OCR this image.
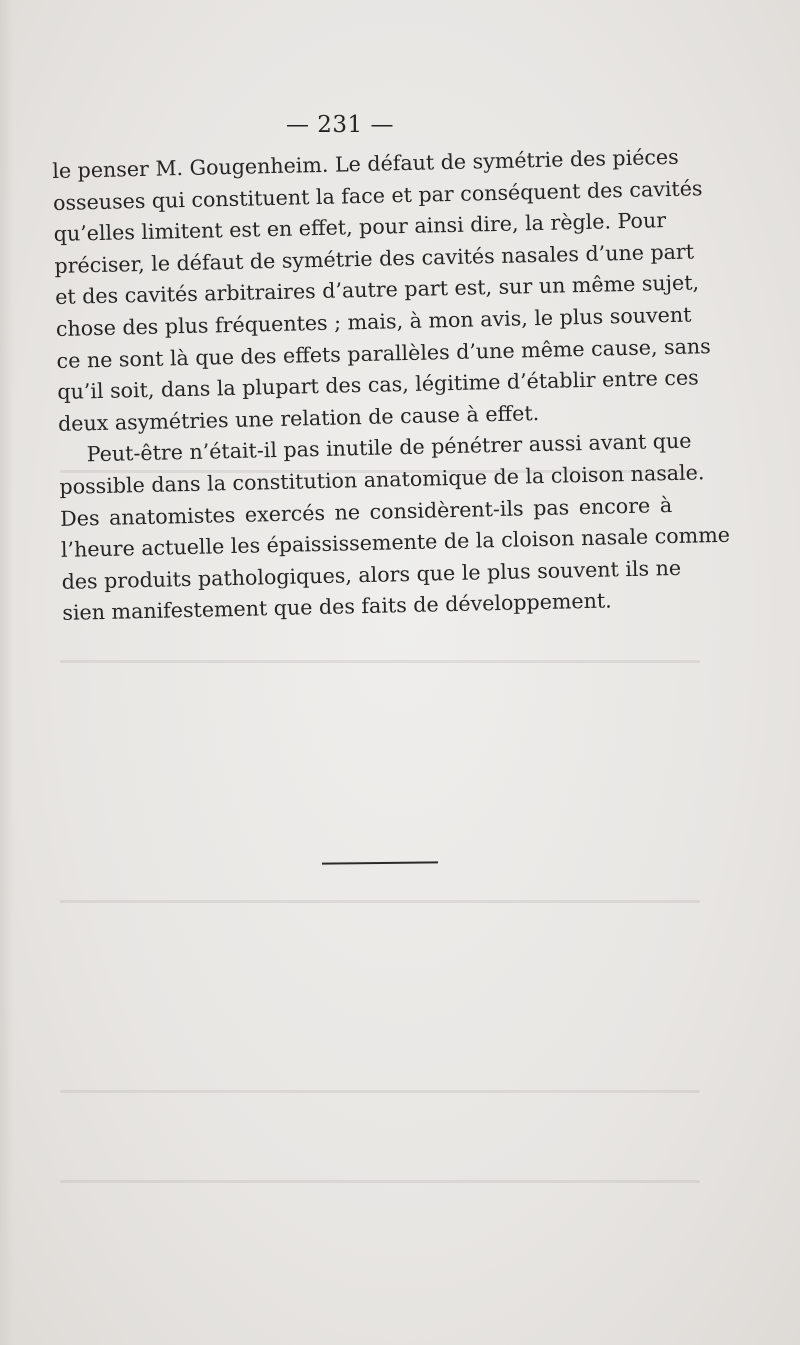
— 231 —
le penser M. Gougenheim. Le défaut de symétrie des piéces
osseuses qui constituent la face et par conséquent des cavités
qu’elles limitent est en effet, pour ainsi dire, la règle. Pour
préciser, le défaut de symétrie des cavités nasales d’une part
et des cavités arbitraires d’autre part est, sur un même sujet,
chose des plus fréquentes ; mais, à mon avis, le plus souvent
ce ne sont là que des effets parallèles d’une même cause, sans
qu’il soit, dans la plupart des cas, légitime d’établir entre ces
deux asymétries une relation de cause à effet.
Peut-être n’était-il pas inutile de pénétrer aussi avant que
possible dans la constitution anatomique de la cloison nasale.
Des anatomistes exercés ne considèrent-ils pas encore à
l’heure actuelle les épaississemente de la cloison nasale comme
des produits pathologiques, alors que le plus souvent ils ne
sien manifestement que des faits de développement.
